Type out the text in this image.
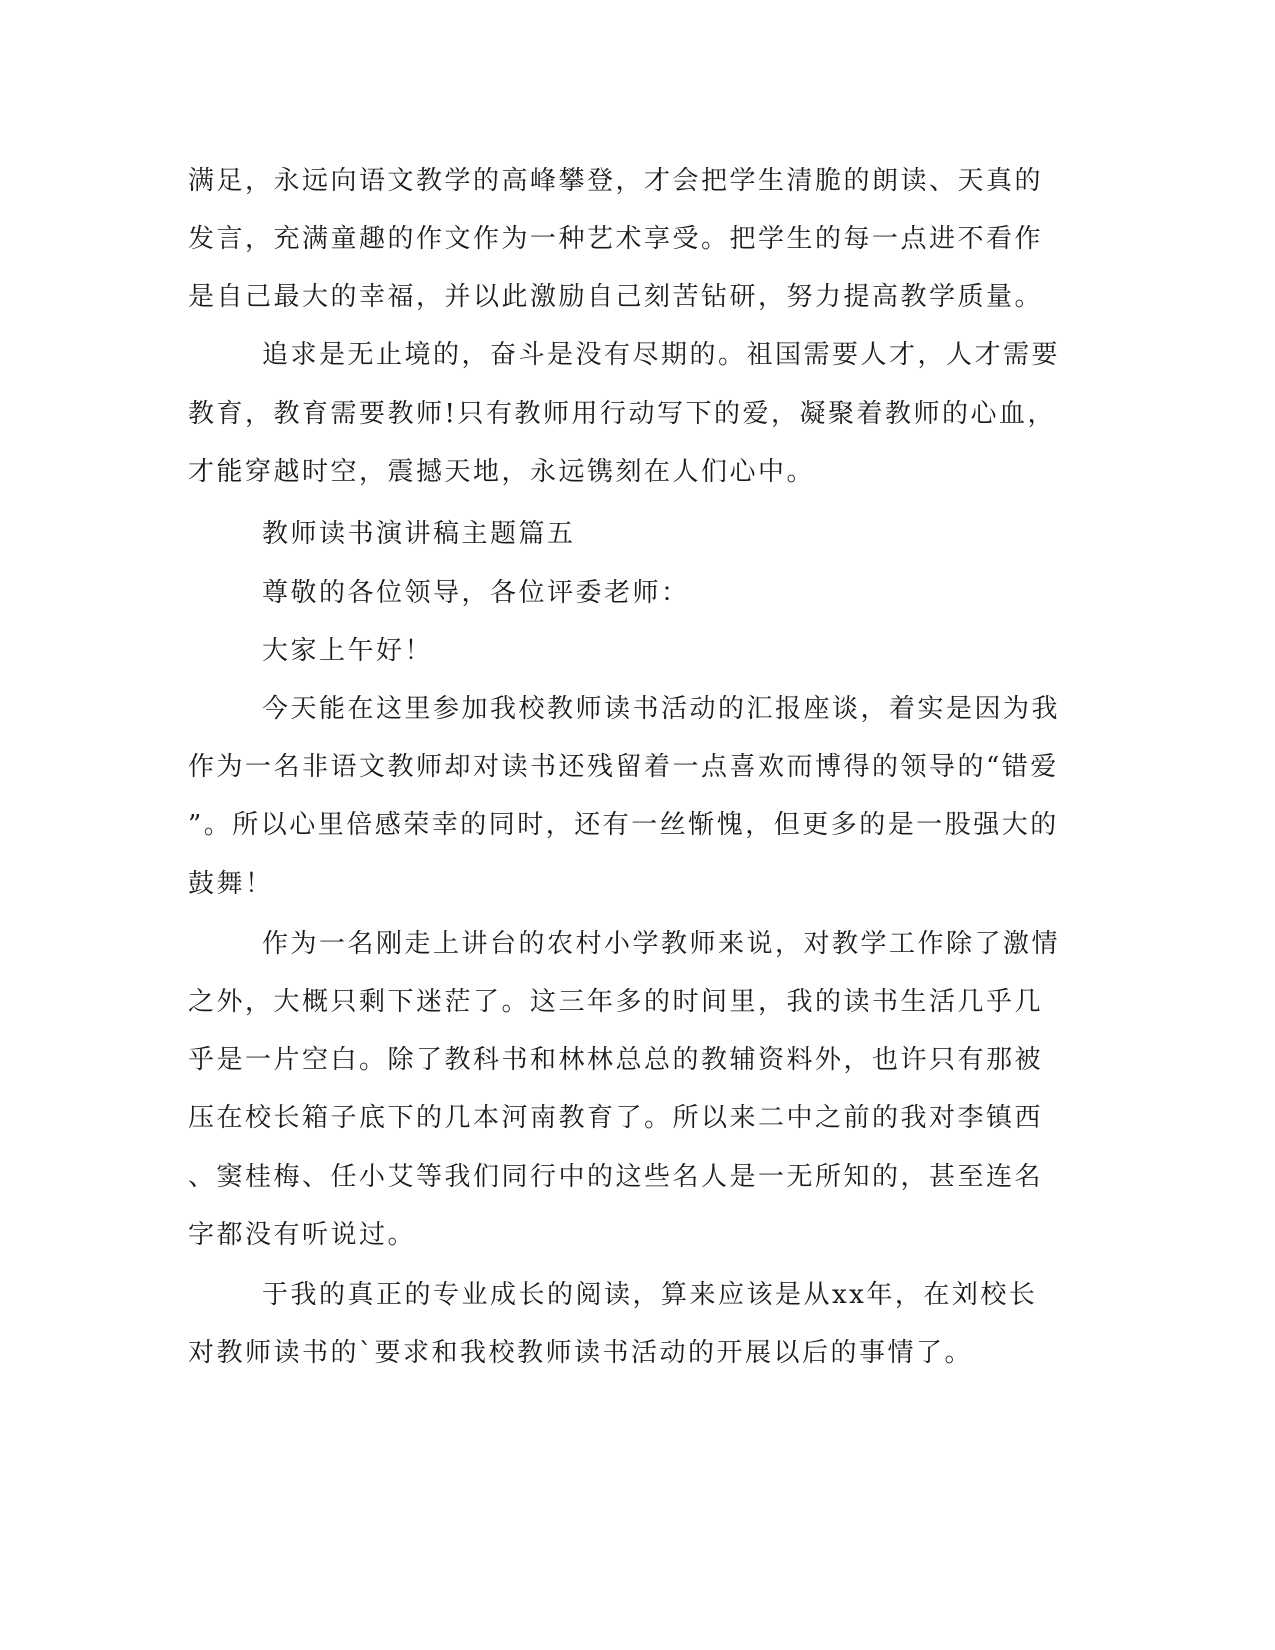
满足，永远向语文教学的高峰攀登，才会把学生清脆的朗读、天真的
发言，充满童趣的作文作为一种艺术享受。把学生的每一点进不看作
是自己最大的幸福，并以此激励自己刻苦钻研，努力提高教学质量。
追求是无止境的，奋斗是没有尽期的。祖国需要人才，人才需要
教育，教育需要教师!只有教师用行动写下的爱，凝聚着教师的心血，
才能穿越时空，震撼天地，永远镌刻在人们心中。
教师读书演讲稿主题篇五
尊敬的各位领导，各位评委老师：
大家上午好！
今天能在这里参加我校教师读书活动的汇报座谈，着实是因为我
作为一名非语文教师却对读书还残留着一点喜欢而博得的领导的“错爱
”。所以心里倍感荣幸的同时，还有一丝惭愧，但更多的是一股强大的
鼓舞！
作为一名刚走上讲台的农村小学教师来说，对教学工作除了激情
之外，大概只剩下迷茫了。这三年多的时间里，我的读书生活几乎几
乎是一片空白。除了教科书和林林总总的教辅资料外，也许只有那被
压在校长箱子底下的几本河南教育了。所以来二中之前的我对李镇西
、窦桂梅、任小艾等我们同行中的这些名人是一无所知的，甚至连名
字都没有听说过。
于我的真正的专业成长的阅读，算来应该是从xx年，在刘校长
对教师读书的`要求和我校教师读书活动的开展以后的事情了。
